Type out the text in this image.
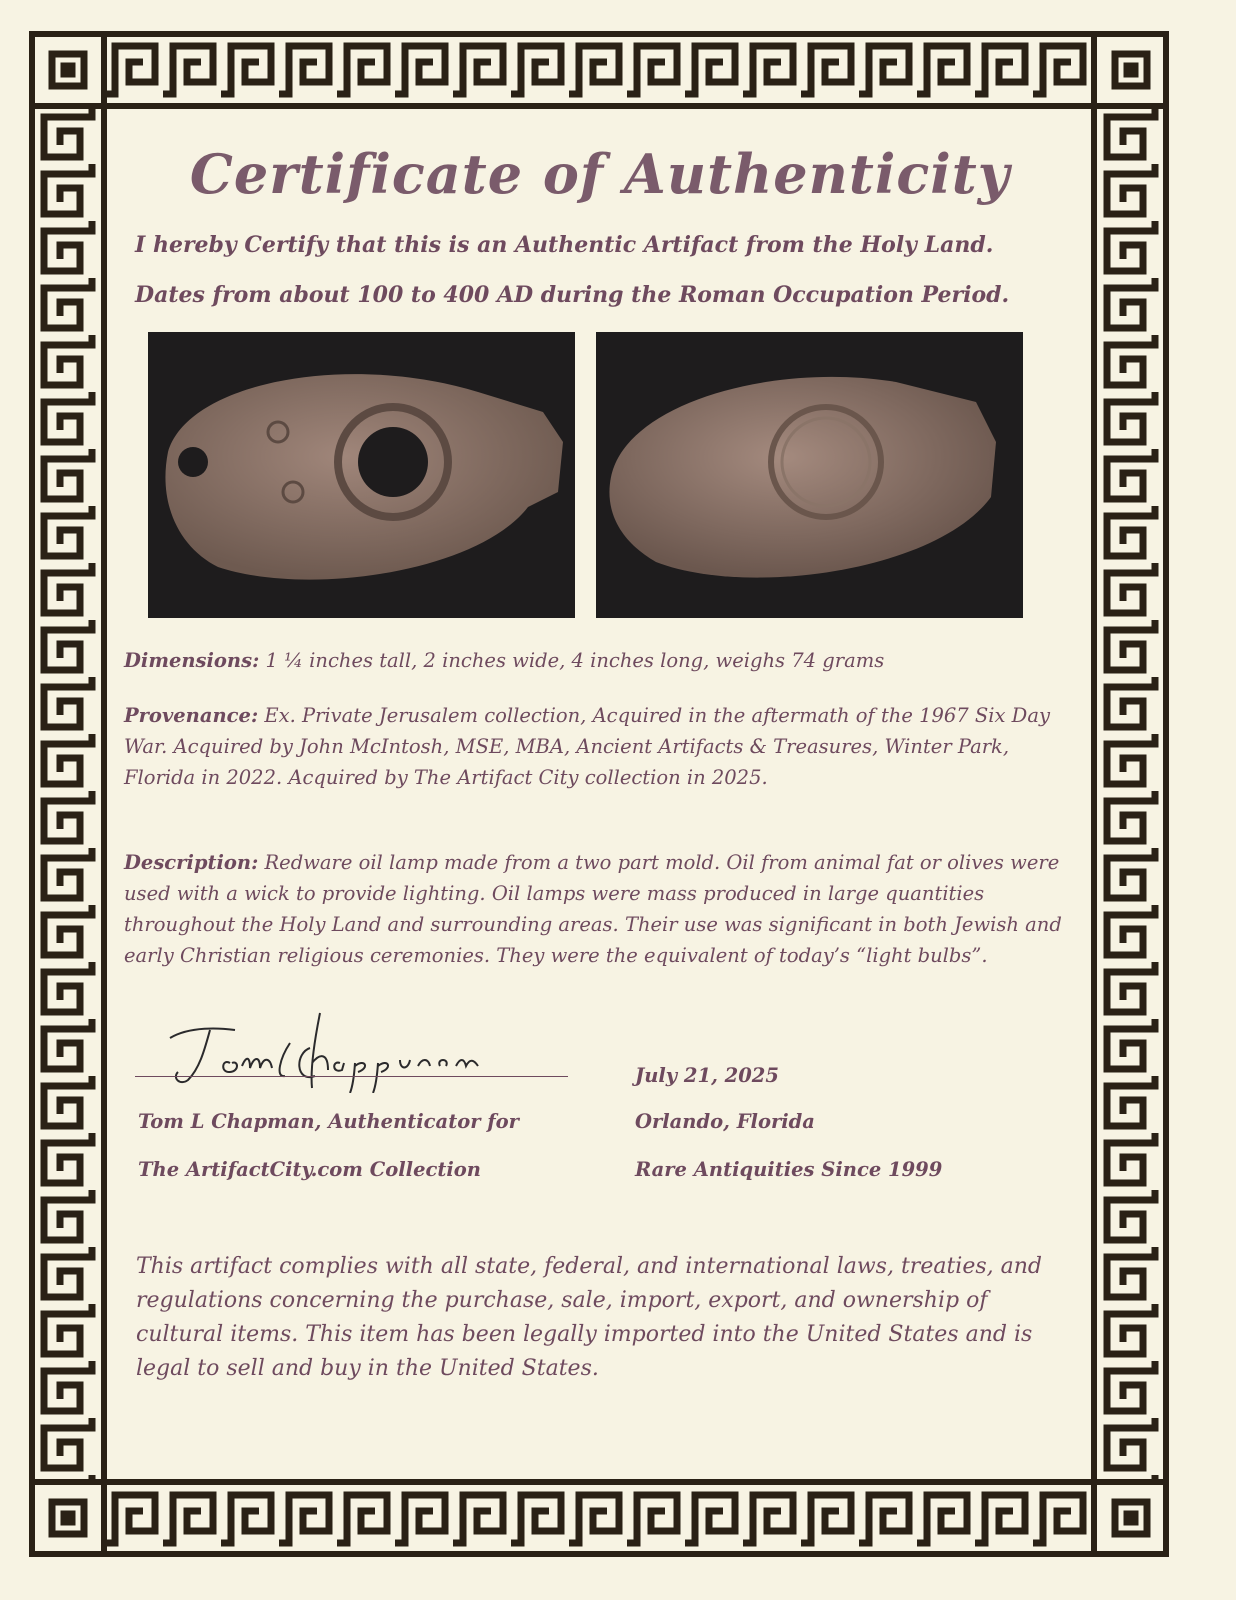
Certificate of Authenticity
I hereby Certify that this is an Authentic Artifact from the Holy Land.
Dates from about 100 to 400 AD during the Roman Occupation Period.
Dimensions: 1 ¼ inches tall, 2 inches wide, 4 inches long, weighs 74 grams
Provenance: Ex. Private Jerusalem collection, Acquired in the aftermath of the 1967 Six Day War. Acquired by John McIntosh, MSE, MBA, Ancient Artifacts & Treasures, Winter Park, Florida in 2022. Acquired by The Artifact City collection in 2025.
Description: Redware oil lamp made from a two part mold. Oil from animal fat or olives were used with a wick to provide lighting. Oil lamps were mass produced in large quantities throughout the Holy Land and surrounding areas. Their use was significant in both Jewish and early Christian religious ceremonies. They were the equivalent of today’s “light bulbs”.
Tom L Chapman, Authenticator for
The ArtifactCity.com Collection
July 21, 2025
Orlando, Florida
Rare Antiquities Since 1999
This artifact complies with all state, federal, and international laws, treaties, and regulations concerning the purchase, sale, import, export, and ownership of cultural items. This item has been legally imported into the United States and is legal to sell and buy in the United States.
